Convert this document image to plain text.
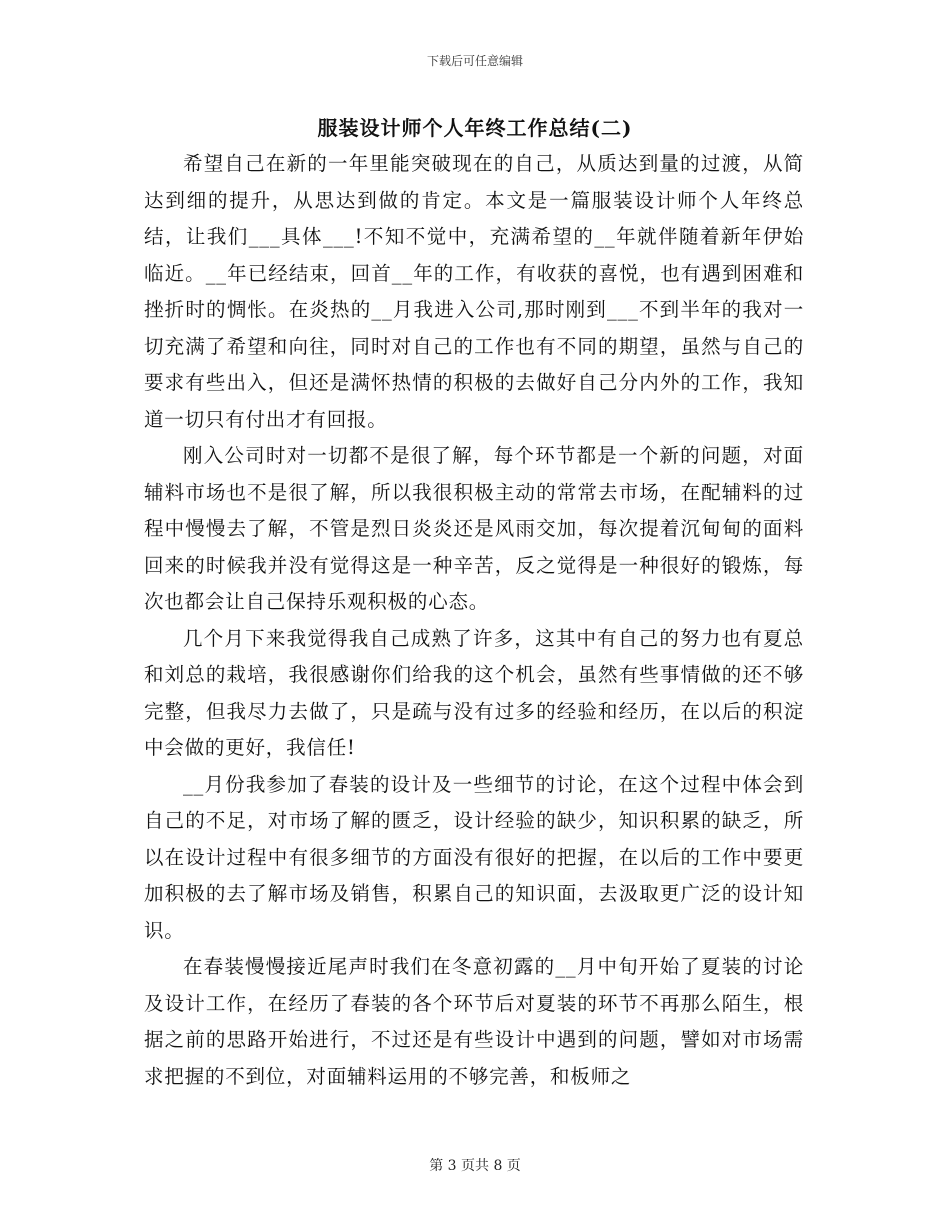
下载后可任意编辑
服装设计师个人年终工作总结(二)

希望自己在新的一年里能突破现在的自己，从质达到量的过渡，从简达到细的提升，从思达到做的肯定。本文是一篇服装设计师个人年终总结，让我们___具体___!不知不觉中，充满希望的__年就伴随着新年伊始临近。__年已经结束，回首__年的工作，有收获的喜悦，也有遇到困难和挫折时的惆怅。在炎热的__月我进入公司,那时刚到___不到半年的我对一切充满了希望和向往，同时对自己的工作也有不同的期望，虽然与自己的要求有些出入，但还是满怀热情的积极的去做好自己分内外的工作，我知道一切只有付出才有回报。

刚入公司时对一切都不是很了解，每个环节都是一个新的问题，对面辅料市场也不是很了解，所以我很积极主动的常常去市场，在配辅料的过程中慢慢去了解，不管是烈日炎炎还是风雨交加，每次提着沉甸甸的面料回来的时候我并没有觉得这是一种辛苦，反之觉得是一种很好的锻炼，每次也都会让自己保持乐观积极的心态。

几个月下来我觉得我自己成熟了许多，这其中有自己的努力也有夏总和刘总的栽培，我很感谢你们给我的这个机会，虽然有些事情做的还不够完整，但我尽力去做了，只是疏与没有过多的经验和经历，在以后的积淀中会做的更好，我信任!

__月份我参加了春装的设计及一些细节的讨论，在这个过程中体会到自己的不足，对市场了解的匮乏，设计经验的缺少，知识积累的缺乏，所以在设计过程中有很多细节的方面没有很好的把握，在以后的工作中要更加积极的去了解市场及销售，积累自己的知识面，去汲取更广泛的设计知识。

在春装慢慢接近尾声时我们在冬意初露的__月中旬开始了夏装的讨论及设计工作，在经历了春装的各个环节后对夏装的环节不再那么陌生，根据之前的思路开始进行，不过还是有些设计中遇到的问题，譬如对市场需求把握的不到位，对面辅料运用的不够完善，和板师之

第 3 页共 8 页
